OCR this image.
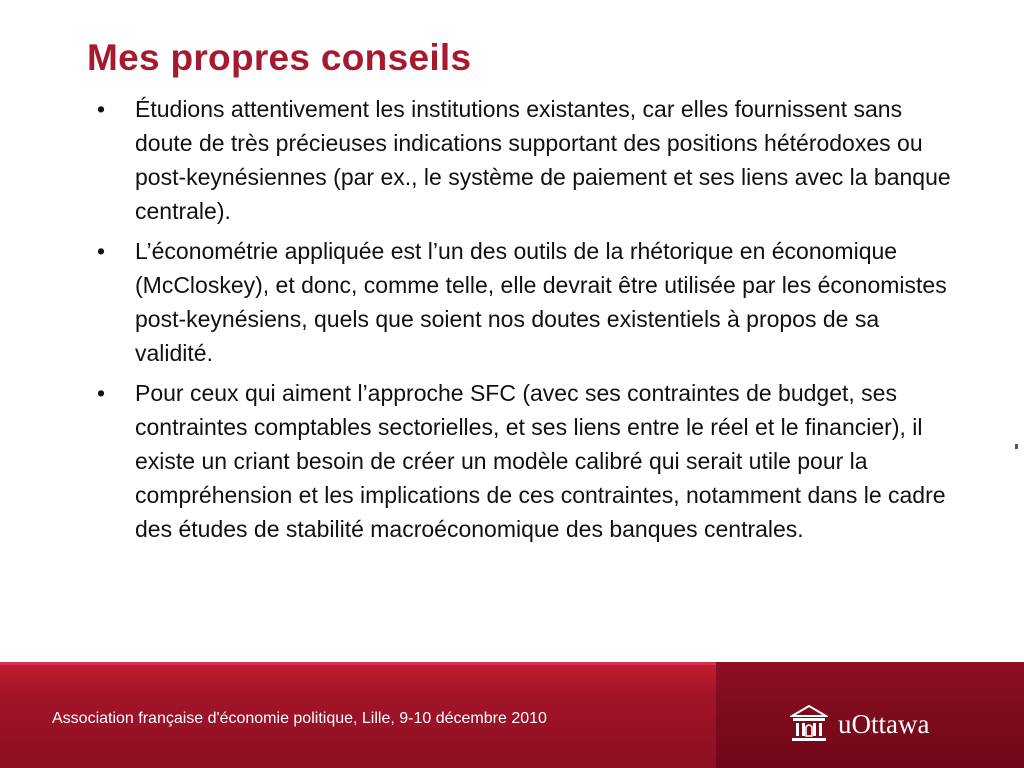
Mes propres conseils
•	Étudions attentivement les institutions existantes, car elles fournissent sans doute de très précieuses indications supportant des positions hétérodoxes ou post-keynésiennes (par ex., le système de paiement et ses liens avec la banque centrale).
•	L’économétrie appliquée est l’un des outils de la rhétorique en économique (McCloskey), et donc, comme telle, elle devrait être utilisée par les économistes post-keynésiens, quels que soient nos doutes existentiels à propos de sa validité.
•	Pour ceux qui aiment l’approche SFC (avec ses contraintes de budget, ses contraintes comptables sectorielles, et ses liens entre le réel et le financier), il existe un criant besoin de créer un modèle calibré qui serait utile pour la compréhension et les implications de ces contraintes, notamment dans le cadre des études de stabilité macroéconomique des banques centrales.
Association française d'économie politique, Lille, 9-10 décembre 2010	uOttawa
